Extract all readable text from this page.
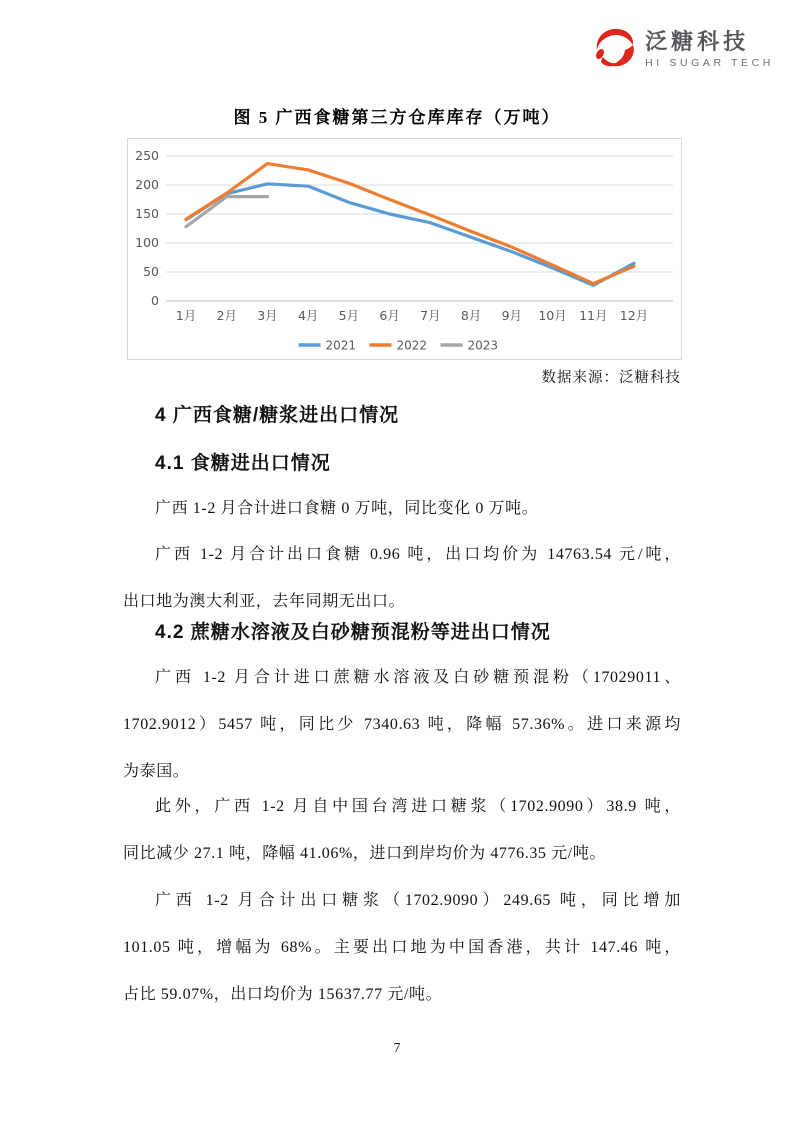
泛糖科技
HI SUGAR TECH
图 5 广西食糖第三方仓库库存（万吨）
0
50
100
150
200
250
1月 2月 3月 4月 5月 6月 7月 8月 9月 10月 11月 12月
2021	2022	2023
数据来源：泛糖科技
4 广西食糖/糖浆进出口情况
4.1 食糖进出口情况
广西 1-2 月合计进口食糖 0 万吨，同比变化 0 万吨。
广西 1-2 月合计出口食糖 0.96 吨，出口均价为 14763.54 元/吨，
出口地为澳大利亚，去年同期无出口。
4.2 蔗糖水溶液及白砂糖预混粉等进出口情况
广西 1-2 月合计进口蔗糖水溶液及白砂糖预混粉（17029011、
1702.9012）5457 吨，同比少 7340.63 吨，降幅 57.36%。进口来源均
为泰国。
此外，广西 1-2 月自中国台湾进口糖浆（1702.9090）38.9 吨，
同比减少 27.1 吨，降幅 41.06%，进口到岸均价为 4776.35 元/吨。
广西 1-2 月合计出口糖浆（1702.9090）249.65 吨，同比增加
101.05 吨，增幅为 68%。主要出口地为中国香港，共计 147.46 吨，
占比 59.07%，出口均价为 15637.77 元/吨。
7
